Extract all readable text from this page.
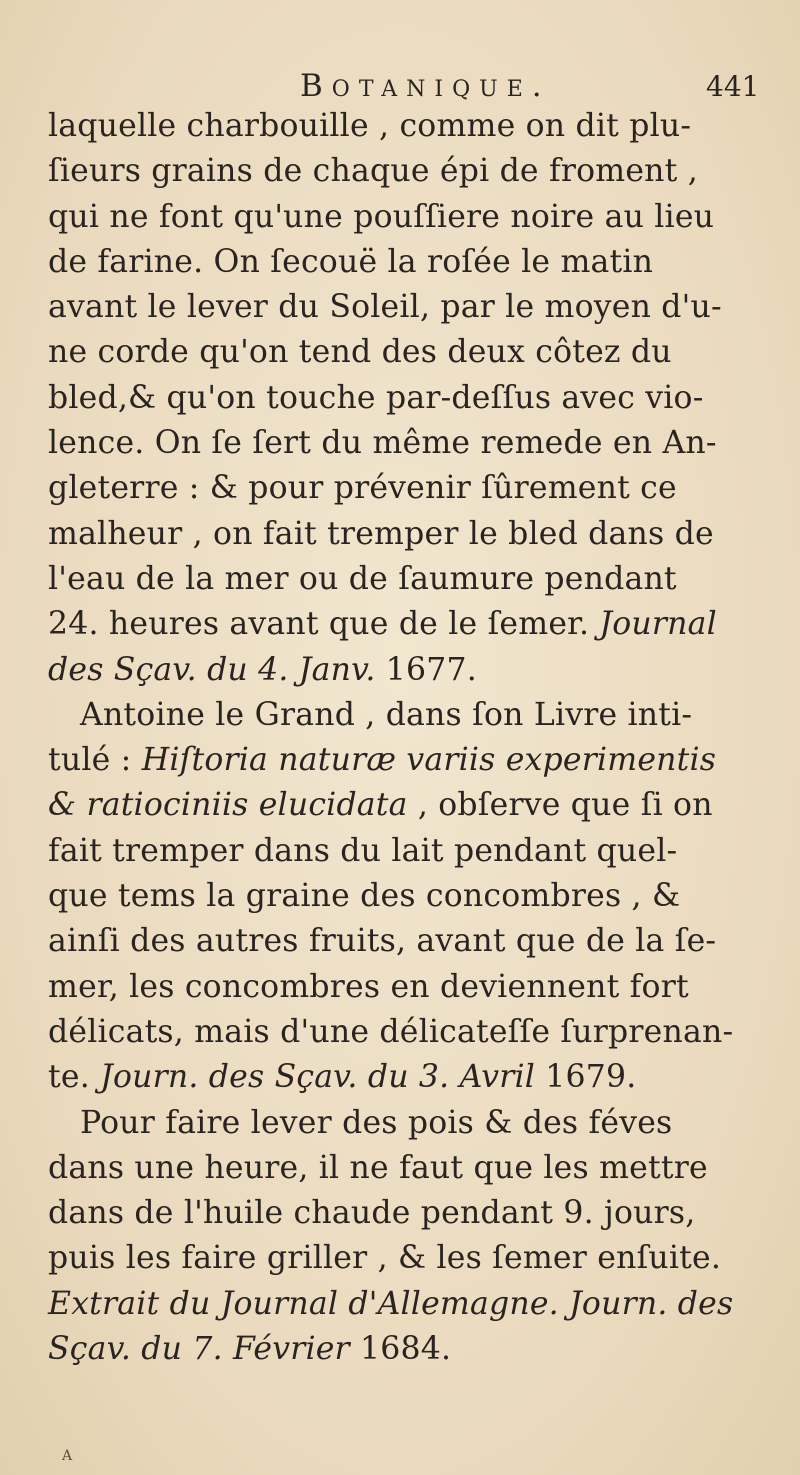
Botanique.	441
laquelle charbouille , comme on dit plu-
ſieurs grains de chaque épi de froment ,
qui ne font qu'une pouſſiere noire au lieu
de farine. On ſecouë la roſée le matin
avant le lever du Soleil, par le moyen d'u-
ne corde qu'on tend des deux côtez du
bled,& qu'on touche par-deſſus avec vio-
lence. On ſe ſert du même remede en An-
gleterre : & pour prévenir ſûrement ce
malheur , on fait tremper le bled dans de
l'eau de la mer ou de ſaumure pendant
24. heures avant que de le ſemer. Journal
des Sçav. du 4. Janv. 1677.
Antoine le Grand , dans ſon Livre inti-
tulé : Hiſtoria naturæ variis experimentis
& ratiociniis elucidata , obſerve que ſi on
fait tremper dans du lait pendant quel-
que tems la graine des concombres , &
ainſi des autres fruits, avant que de la ſe-
mer, les concombres en deviennent fort
délicats, mais d'une délicateſſe ſurprenan-
te. Journ. des Sçav. du 3. Avril 1679.
Pour faire lever des pois & des féves
dans une heure, il ne faut que les mettre
dans de l'huile chaude pendant 9. jours,
puis les faire griller , & les ſemer enſuite.
Extrait du Journal d'Allemagne. Journ. des
Sçav. du 7. Février 1684.
A
